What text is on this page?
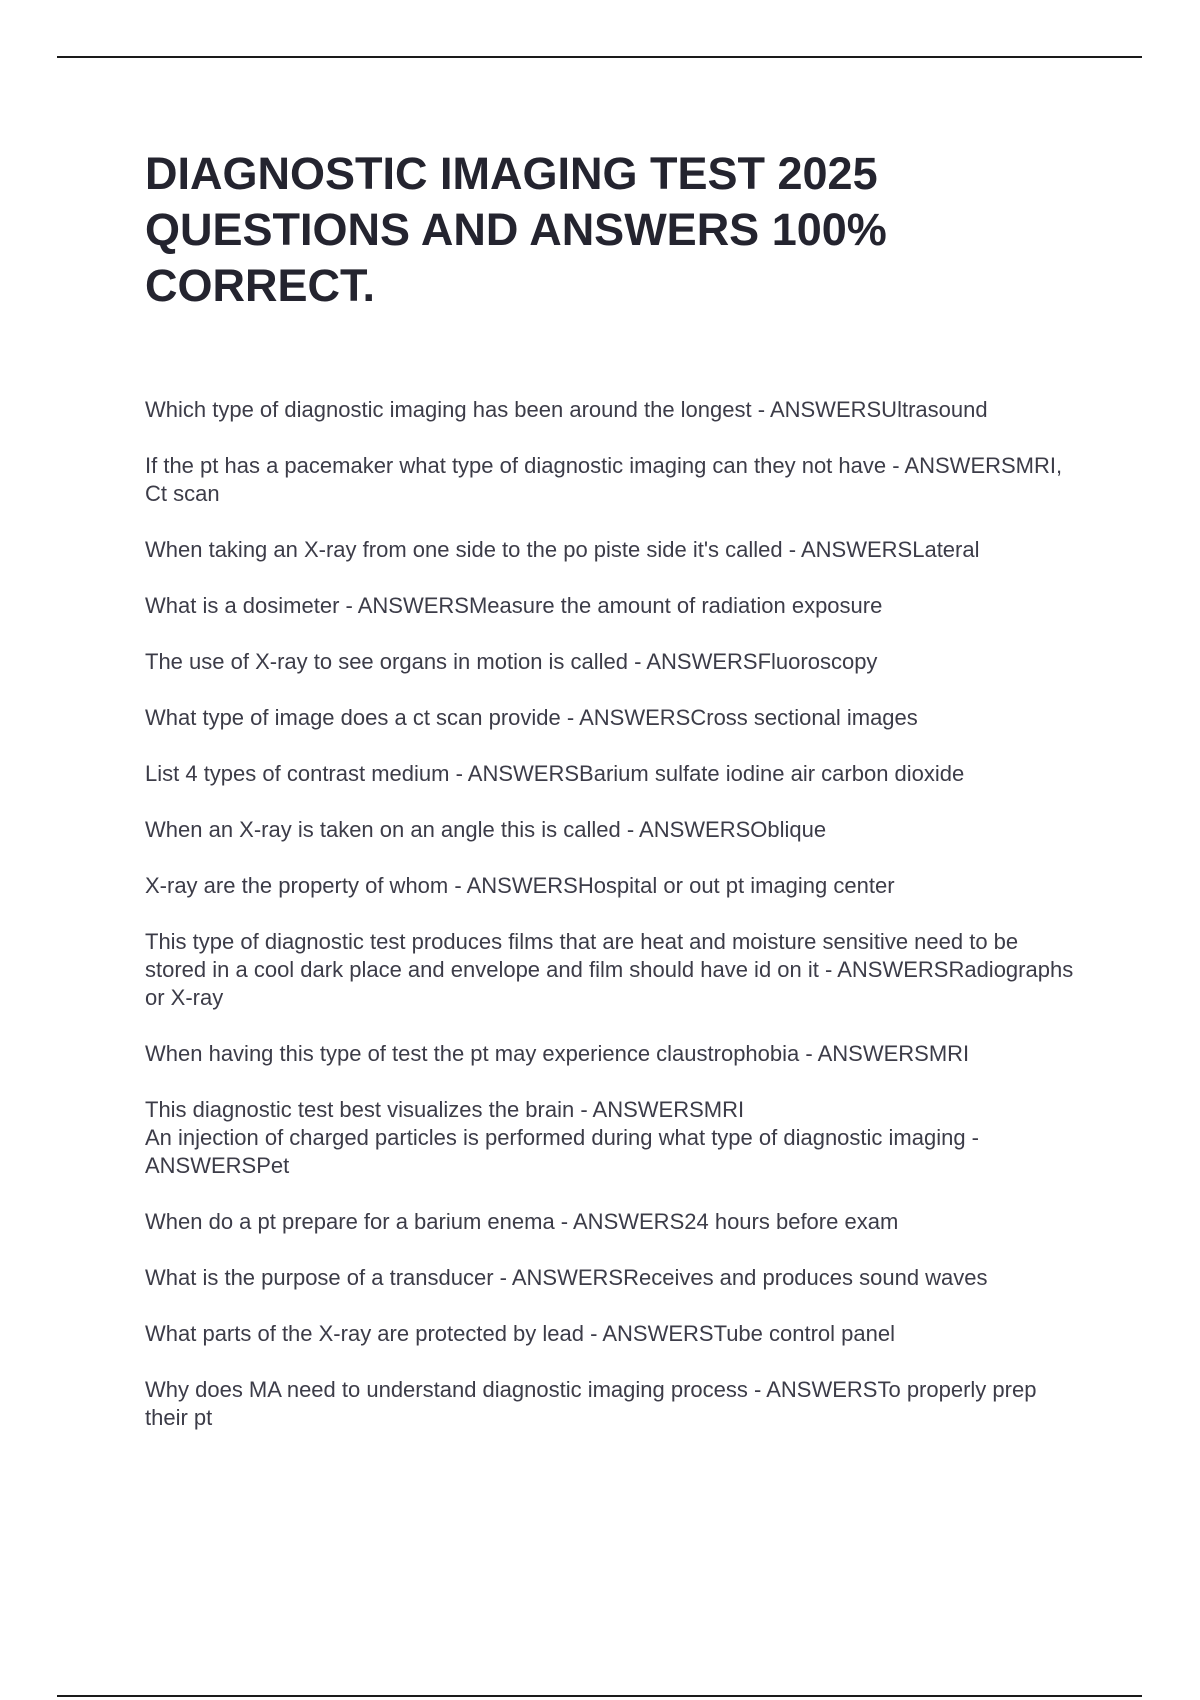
DIAGNOSTIC IMAGING TEST 2025 QUESTIONS AND ANSWERS 100% CORRECT.

Which type of diagnostic imaging has been around the longest - ANSWERSUltrasound

If the pt has a pacemaker what type of diagnostic imaging can they not have - ANSWERSMRI, Ct scan

When taking an X-ray from one side to the po piste side it's called - ANSWERSLateral

What is a dosimeter - ANSWERSMeasure the amount of radiation exposure

The use of X-ray to see organs in motion is called - ANSWERSFluoroscopy

What type of image does a ct scan provide - ANSWERSCross sectional images

List 4 types of contrast medium - ANSWERSBarium sulfate iodine air carbon dioxide

When an X-ray is taken on an angle this is called - ANSWERSOblique

X-ray are the property of whom - ANSWERSHospital or out pt imaging center

This type of diagnostic test produces films that are heat and moisture sensitive need to be stored in a cool dark place and envelope and film should have id on it - ANSWERSRadiographs or X-ray

When having this type of test the pt may experience claustrophobia - ANSWERSMRI

This diagnostic test best visualizes the brain - ANSWERSMRI

An injection of charged particles is performed during what type of diagnostic imaging - ANSWERSPet

When do a pt prepare for a barium enema - ANSWERS24 hours before exam

What is the purpose of a transducer - ANSWERSReceives and produces sound waves

What parts of the X-ray are protected by lead - ANSWERSTube control panel

Why does MA need to understand diagnostic imaging process - ANSWERSTo properly prep their pt
